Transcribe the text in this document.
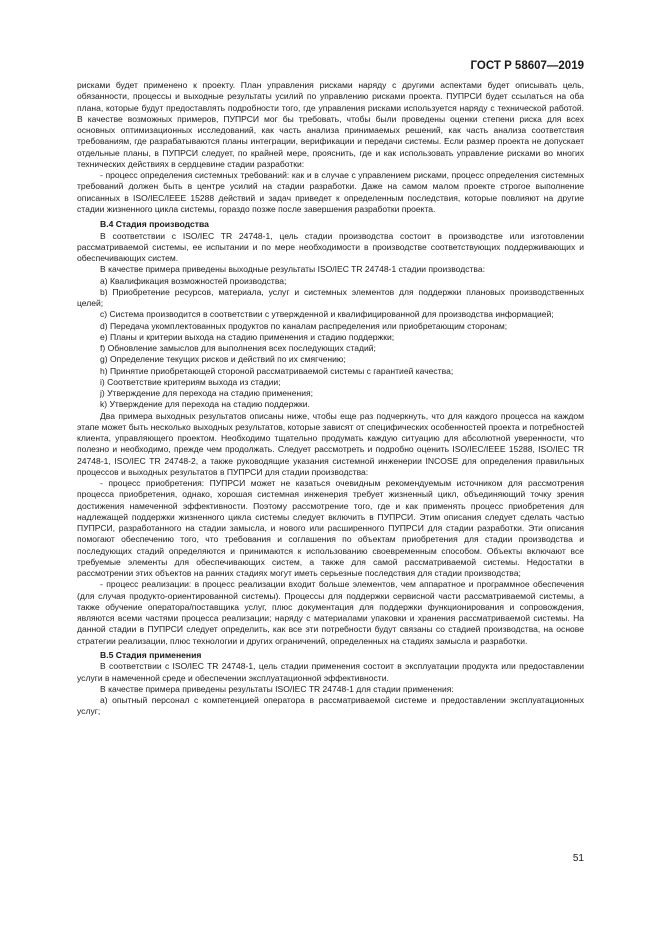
ГОСТ Р 58607—2019

рисками будет применено к проекту. План управления рисками наряду с другими аспектами будет описывать цель, обязанности, процессы и выходные результаты усилий по управлению рисками проекта. ПУПРСИ будет ссылаться на оба плана, которые будут предоставлять подробности того, где управления рисками используется наряду с технической работой. В качестве возможных примеров, ПУПРСИ мог бы требовать, чтобы были проведены оценки степени риска для всех основных оптимизационных исследований, как часть анализа принимаемых решений, как часть анализа соответствия требованиям, где разрабатываются планы интеграции, верификации и передачи системы. Если размер проекта не допускает отдельные планы, в ПУПРСИ следует, по крайней мере, прояснить, где и как использовать управление рисками во многих технических действиях в сердцевине стадии разработки:

- процесс определения системных требований: как и в случае с управлением рисками, процесс определения системных требований должен быть в центре усилий на стадии разработки. Даже на самом малом проекте строгое выполнение описанных в ISO/IEC/IEEE 15288 действий и задач приведет к определенным последствия, которые повлияют на другие стадии жизненного цикла системы, гораздо позже после завершения разработки проекта.

В.4 Стадия производства

В соответствии с ISO/IEC TR 24748-1, цель стадии производства состоит в производстве или изготовлении рассматриваемой системы, ее испытании и по мере необходимости в производстве соответствующих поддерживающих и обеспечивающих систем.

В качестве примера приведены выходные результаты ISO/IEC TR 24748-1 стадии производства:

а) Квалификация возможностей производства;

b) Приобретение ресурсов, материала, услуг и системных элементов для поддержки плановых производственных целей;

с) Система производится в соответствии с утвержденной и квалифицированной для производства информацией;

d) Передача укомплектованных продуктов по каналам распределения или приобретающим сторонам;

e) Планы и критерии выхода на стадию применения и стадию поддержки;

f) Обновление замыслов для выполнения всех последующих стадий;

g) Определение текущих рисков и действий по их смягчению;

h) Принятие приобретающей стороной рассматриваемой системы с гарантией качества;

i) Соответствие критериям выхода из стадии;

j) Утверждение для перехода на стадию применения;

k) Утверждение для перехода на стадию поддержки.

Два примера выходных результатов описаны ниже, чтобы еще раз подчеркнуть, что для каждого процесса на каждом этапе может быть несколько выходных результатов, которые зависят от специфических особенностей проекта и потребностей клиента, управляющего проектом. Необходимо тщательно продумать каждую ситуацию для абсолютной уверенности, что полезно и необходимо, прежде чем продолжать. Следует рассмотреть и подробно оценить ISO/IEC/IEEE 15288, ISO/IEC TR 24748-1, ISO/IEC TR 24748-2, а также руководящие указания системной инженерии INCOSE для определения правильных процессов и выходных результатов в ПУПРСИ для стадии производства:

- процесс приобретения: ПУПРСИ может не казаться очевидным рекомендуемым источником для рассмотрения процесса приобретения, однако, хорошая системная инженерия требует жизненный цикл, объединяющий точку зрения достижения намеченной эффективности. Поэтому рассмотрение того, где и как применять процесс приобретения для надлежащей поддержки жизненного цикла системы следует включить в ПУПРСИ. Этим описания следует сделать частью ПУПРСИ, разработанного на стадии замысла, и нового или расширенного ПУПРСИ для стадии разработки. Эти описания помогают обеспечению того, что требования и соглашения по объектам приобретения для стадии производства и последующих стадий определяются и принимаются к использованию своевременным способом. Объекты включают все требуемые элементы для обеспечивающих систем, а также для самой рассматриваемой системы. Недостатки в рассмотрении этих объектов на ранних стадиях могут иметь серьезные последствия для стадии производства;

- процесс реализации: в процесс реализации входит больше элементов, чем аппаратное и программное обеспечения (для случая продукто-ориентированной системы). Процессы для поддержки сервисной части рассматриваемой системы, а также обучение оператора/поставщика услуг, плюс документация для поддержки функционирования и сопровождения, являются всеми частями процесса реализации; наряду с материалами упаковки и хранения рассматриваемой системы. На данной стадии в ПУПРСИ следует определить, как все эти потребности будут связаны со стадией производства, на основе стратегии реализации, плюс технологии и других ограничений, определенных на стадиях замысла и разработки.

В.5 Стадия применения

В соответствии с ISO/IEC TR 24748-1, цель стадии применения состоит в эксплуатации продукта или предоставлении услуги в намеченной среде и обеспечении эксплуатационной эффективности.

В качестве примера приведены результаты ISO/IEC TR 24748-1 для стадии применения:

а) опытный персонал с компетенцией оператора в рассматриваемой системе и предоставлении эксплуатационных услуг;

51
